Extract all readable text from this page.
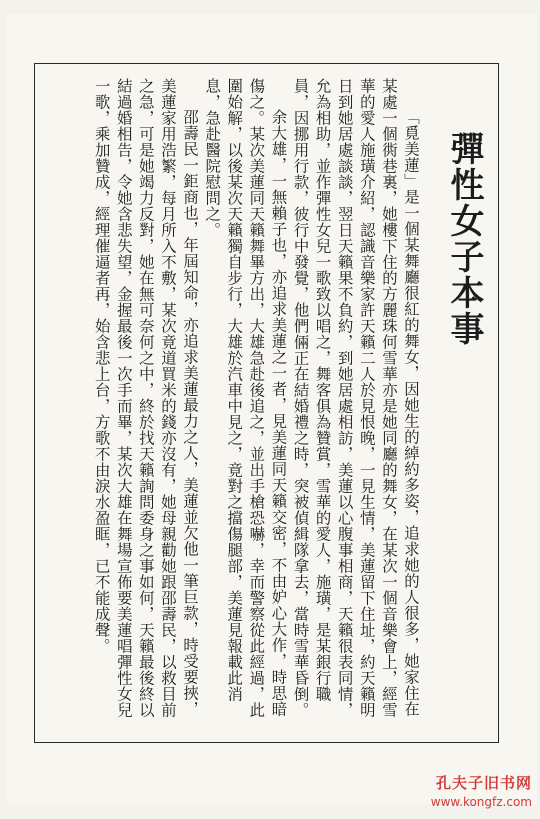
彈性女子本事
「覓美蓮」是一個某舞廳很紅的舞女，因她生的綽約多姿，追求她的人很多，她家住在某處一個衖巷裏，她樓下住的方麗珠何雪華亦是她同廳的舞女，在某次一個音樂會上，經雪華的愛人施璜介紹，認識音樂家許天籟二人於見恨晚，一見生情，美蓮留下住址，約天籟明日到她居處談談，翌日天籟果不負約，到她居處相訪，美蓮以心腹事相商，天籟很表同情，允為相助，並作彈性女兒一歌致以唱之，舞客俱為贊賞，雪華的愛人，施璜，是某銀行職員，因挪用行款，彼行中發覺，他們倆正在結婚禮之時，突被偵緝隊拿去，當時雪華昏倒。
余大雄，一無賴子也，亦追求美蓮之一者，見美蓮同天籟交密，不由妒心大作，時思暗傷之。某次美蓮同天籟舞畢方出，大雄急赴後追之，並出手槍恐嚇，幸而警察從此經過，此圍始解，以後某次天籟獨自步行，大雄於汽車中見之，竟對之擋傷腿部，美蓮見報載此消息，急赴醫院慰問之。
邵壽民一鉅商也，年屆知命，亦追求美蓮最力之人，美蓮並欠他一筆巨款，時受要挾，美蓮家用浩繁，每月所入不敷，某次竟道買米的錢亦沒有，她母親勸她跟邵壽民，以救目前之急，可是她竭力反對，她在無可奈何之中，終於找天籟詢問委身之事如何，天籟最後終以結過婚相告，令她含悲失望，金握最後一次手而畢，某次大雄在舞場宣佈要美蓮唱彈性女兒一歌，乘加贊成，經理催逼者再，始含悲上台，方歌不由淚水盈眶，已不能成聲。
孔夫子旧书网
www.kongfz.com
